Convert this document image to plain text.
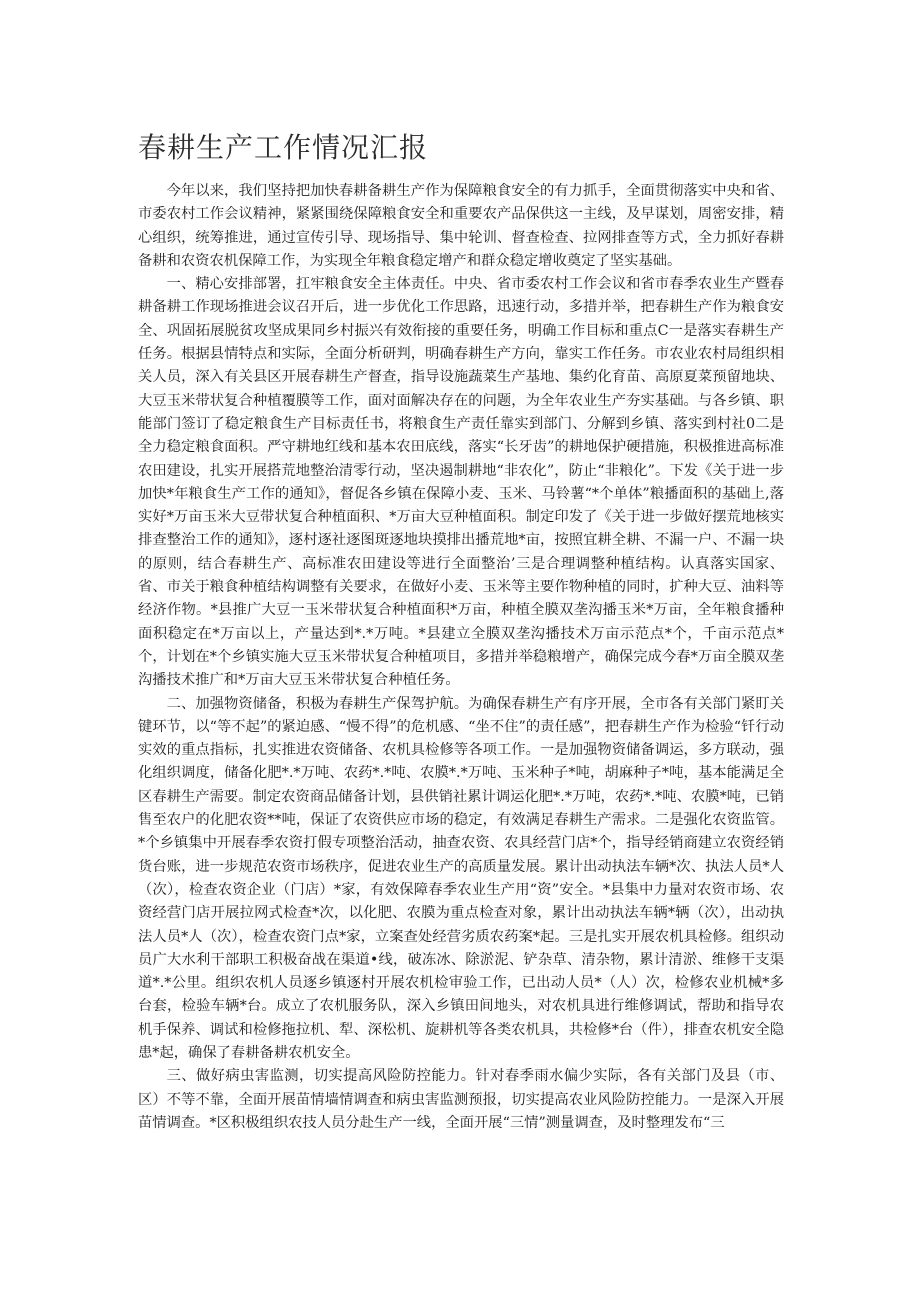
春耕生产工作情况汇报

今年以来，我们坚持把加快春耕备耕生产作为保障粮食安全的有力抓手，全面贯彻落实中央和省、市委农村工作会议精神，紧紧围绕保障粮食安全和重要农产品保供这一主线，及早谋划，周密安排，精心组织，统筹推进，通过宣传引导、现场指导、集中轮训、督查检查、拉网排查等方式，全力抓好春耕备耕和农资农机保障工作，为实现全年粮食稳定增产和群众稳定增收奠定了坚实基础。

一、精心安排部署，扛牢粮食安全主体责任。中央、省市委农村工作会议和省市春季农业生产暨春耕备耕工作现场推进会议召开后，进一步优化工作思路，迅速行动，多措并举，把春耕生产作为粮食安全、巩固拓展脱贫攻坚成果同乡村振兴有效衔接的重要任务，明确工作目标和重点C一是落实春耕生产任务。根据县情特点和实际，全面分析研判，明确春耕生产方向，靠实工作任务。市农业农村局组织相关人员，深入有关县区开展春耕生产督查，指导设施蔬菜生产基地、集约化育苗、高原夏菜预留地块、大豆玉米带状复合种植覆膜等工作，面对面解决存在的问题，为全年农业生产夯实基础。与各乡镇、职能部门签订了稳定粮食生产目标责任书，将粮食生产责任靠实到部门、分解到乡镇、落实到村社0二是全力稳定粮食面积。严守耕地红线和基本农田底线，落实“长牙齿”的耕地保护硬措施，积极推进高标准农田建设，扎实开展搭荒地整治清零行动，坚决遏制耕地“非农化”，防止“非粮化”。下发《关于进一步加快*年粮食生产工作的通知》，督促各乡镇在保障小麦、玉米、马铃薯“*个单体”粮播面积的基础上,落实好*万亩玉米大豆带状复合种植面积、*万亩大豆种植面积。制定印发了《关于进一步做好摆荒地核实排查整治工作的通知》，逐村逐社逐图斑逐地块摸排出播荒地*亩，按照宜耕全耕、不漏一户、不漏一块的原则，结合春耕生产、高标准农田建设等进行全面整治’三是合理调整种植结构。认真落实国家、省、市关于粮食种植结构调整有关要求，在做好小麦、玉米等主要作物种植的同时，扩种大豆、油料等经济作物。*县推广大豆一玉米带状复合种植面积*万亩，种植全膜双垄沟播玉米*万亩，全年粮食播种面积稳定在*万亩以上，产量达到*.*万吨。*县建立全膜双垄沟播技术万亩示范点*个，千亩示范点*个，计划在*个乡镇实施大豆玉米带状复合种植项目，多措并举稳粮增产，确保完成今春*万亩全膜双垄沟播技术推广和*万亩大豆玉米带状复合种植任务。

二、加强物资储备，积极为春耕生产保驾护航。为确保春耕生产有序开展，全市各有关部门紧盯关键环节，以“等不起”的紧迫感、“慢不得”的危机感、“坐不住”的责任感”，把春耕生产作为检验“钎行动实效的重点指标，扎实推进农资储备、农机具检修等各项工作。一是加强物资储备调运，多方联动，强化组织调度，储备化肥*.*万吨、农药*.*吨、农膜*.*万吨、玉米种子*吨，胡麻种子*吨，基本能满足全区春耕生产需要。制定农资商品储备计划，县供销社累计调运化肥*.*万吨，农药*.*吨、农膜*吨，已销售至农户的化肥农资**吨，保证了农资供应市场的稳定，有效满足春耕生产需求。二是强化农资监管。*个乡镇集中开展春季农资打假专项整治活动，抽查农资、农具经营门店*个，指导经销商建立农资经销货台账，进一步规范农资市场秩序，促进农业生产的高质量发展。累计出动执法车辆*次、执法人员*人（次），检查农资企业（门店）*家，有效保障春季农业生产用“资”安全。*县集中力量对农资市场、农资经营门店开展拉网式检查*次，以化肥、农膜为重点检查对象，累计出动执法车辆*辆（次），出动执法人员*人（次），检查农资门点*家，立案查处经营劣质农药案*起。三是扎实开展农机具检修。组织动员广大水利干部职工积极奋战在渠道•线，破冻冰、除淤泥、铲杂草、清杂物，累计清淤、维修干支渠道*.*公里。组织农机人员逐乡镇逐村开展农机检审验工作，已出动人员*（人）次，检修农业机械*多台套，检验车辆*台。成立了农机服务队，深入乡镇田间地头，对农机具进行维修调试，帮助和指导农机手保养、调试和检修拖拉机、犁、深松机、旋耕机等各类农机具，共检修*台（件），排查农机安全隐患*起，确保了春耕备耕农机安全。

三、做好病虫害监测，切实提高风险防控能力。针对春季雨水偏少实际，各有关部门及县（市、区）不等不靠，全面开展苗情墙情调查和病虫害监测预报，切实提高农业风险防控能力。一是深入开展苗情调查。*区积极组织农技人员分赴生产一线，全面开展“三情”测量调查，及时整理发布“三
